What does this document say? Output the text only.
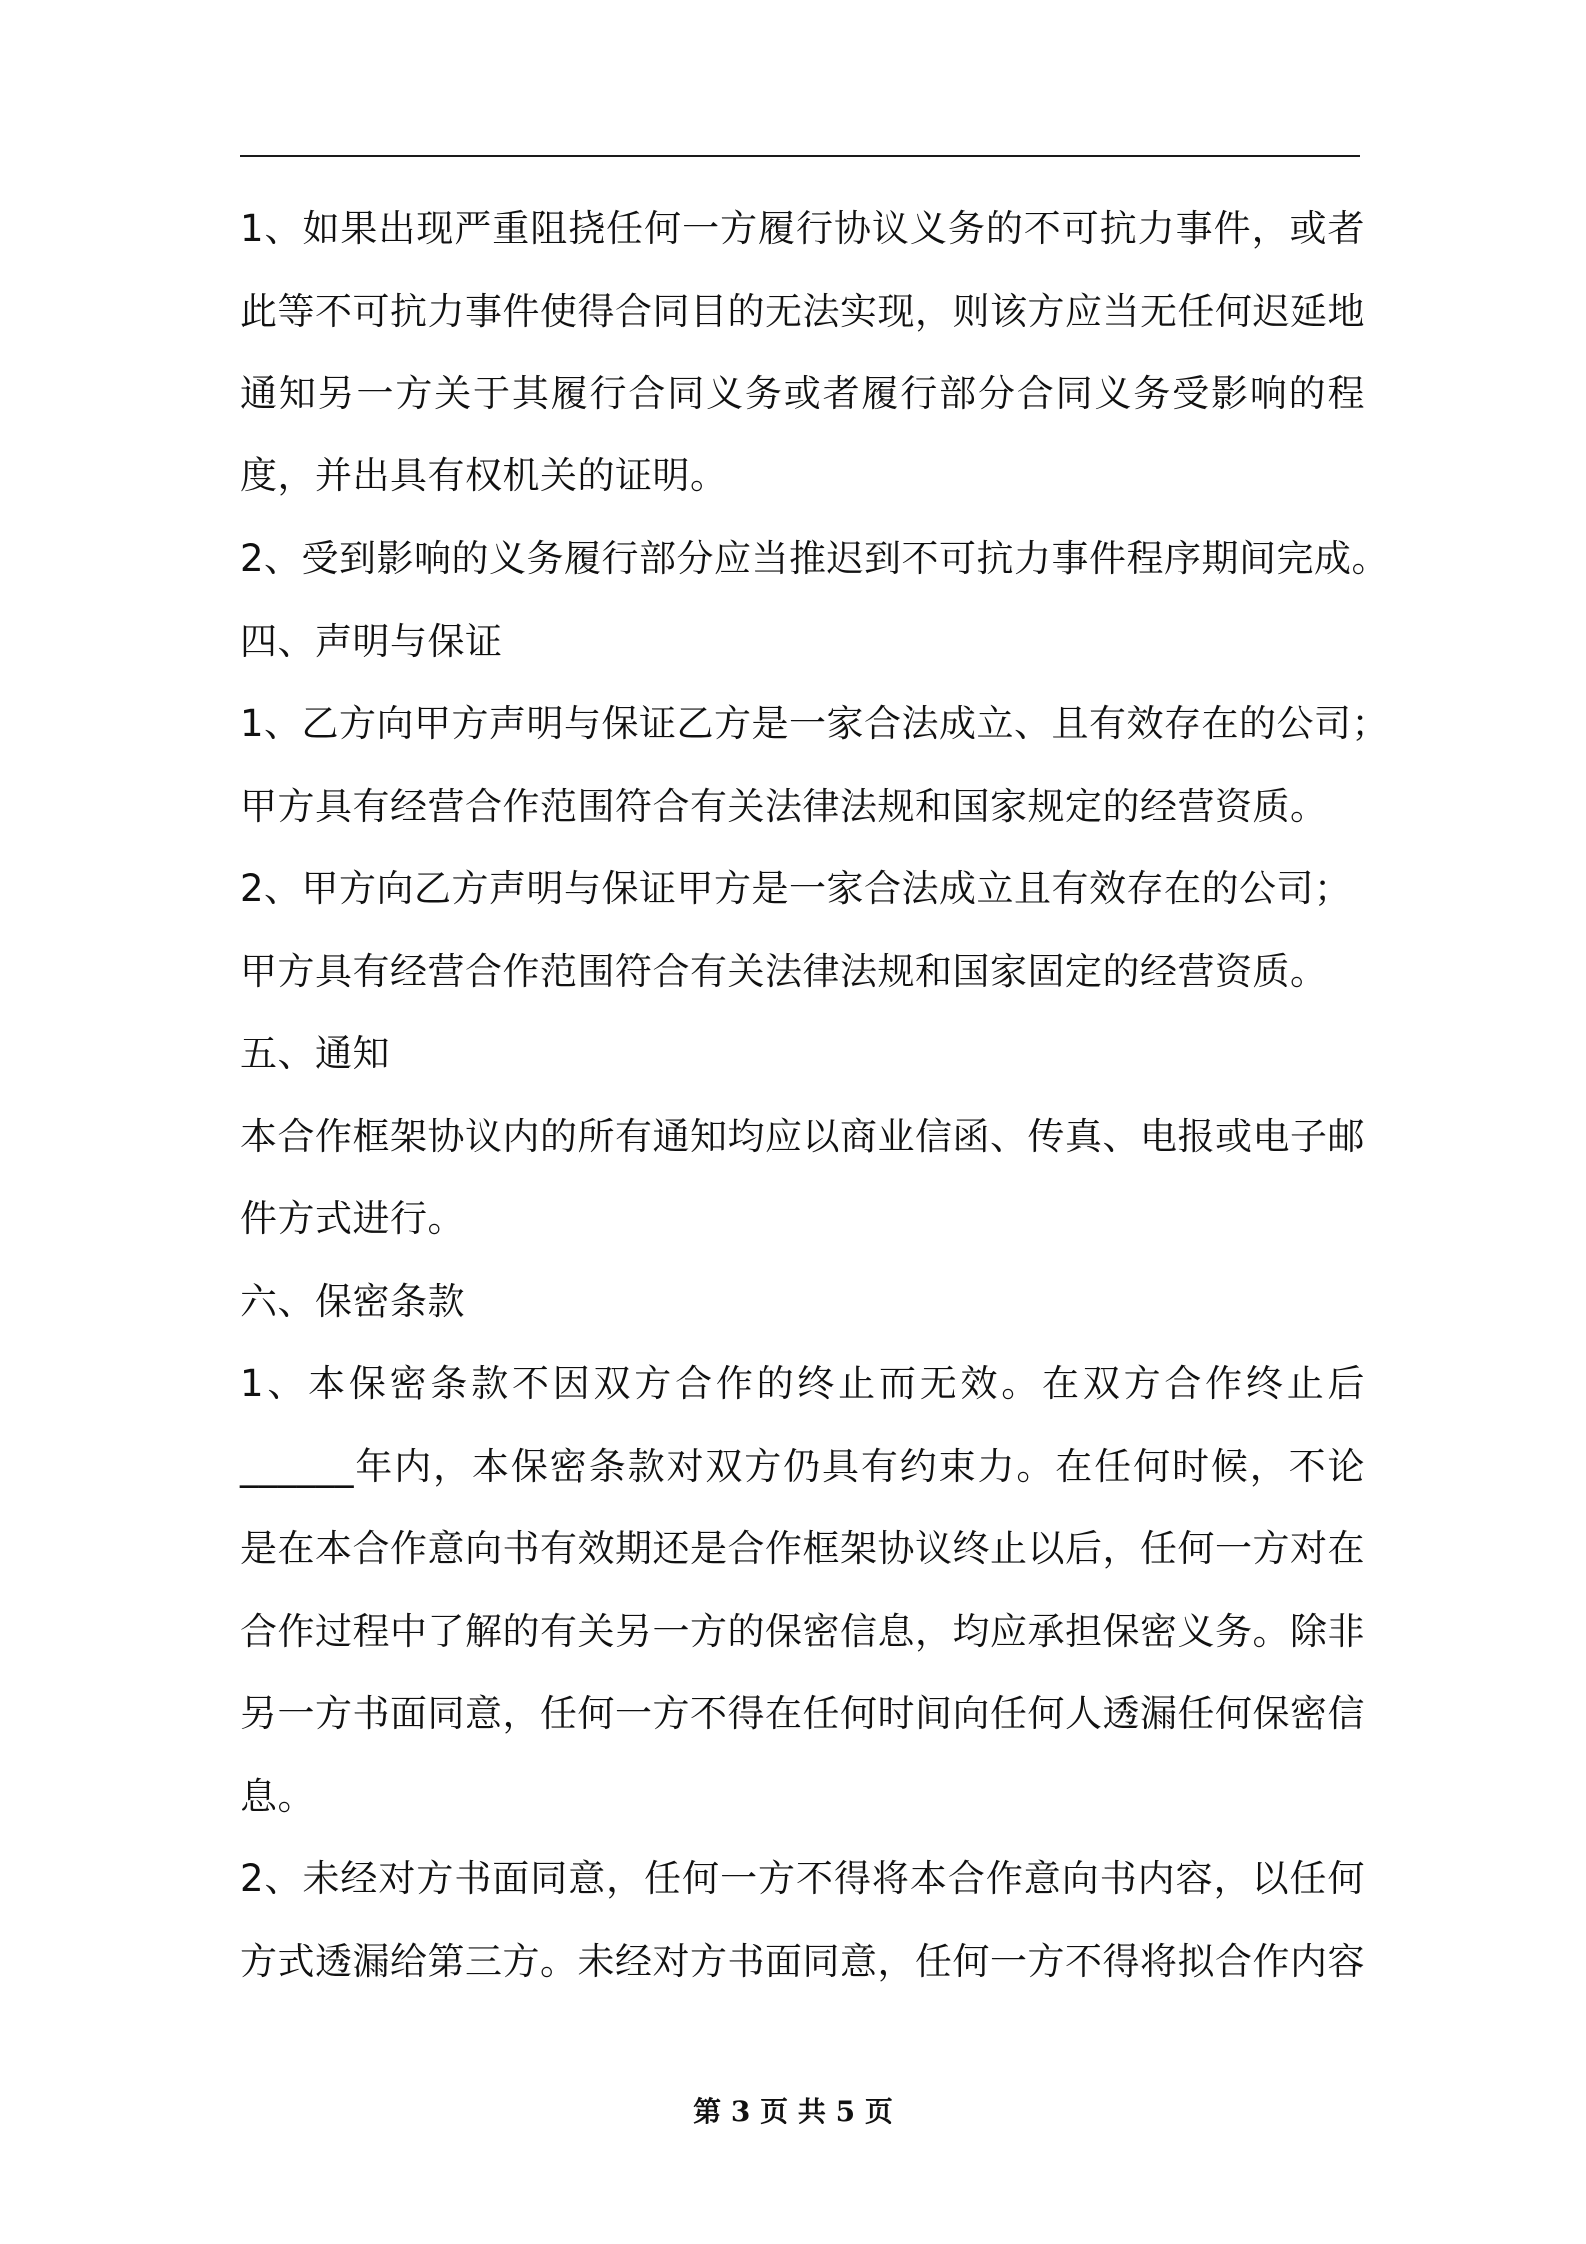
1、如果出现严重阻挠任何一方履行协议义务的不可抗力事件，或者
此等不可抗力事件使得合同目的无法实现，则该方应当无任何迟延地
通知另一方关于其履行合同义务或者履行部分合同义务受影响的程
度，并出具有权机关的证明。
2、受到影响的义务履行部分应当推迟到不可抗力事件程序期间完成。
四、声明与保证
1、乙方向甲方声明与保证乙方是一家合法成立、且有效存在的公司；
甲方具有经营合作范围符合有关法律法规和国家规定的经营资质。
2、甲方向乙方声明与保证甲方是一家合法成立且有效存在的公司；
甲方具有经营合作范围符合有关法律法规和国家固定的经营资质。
五、通知
本合作框架协议内的所有通知均应以商业信函、传真、电报或电子邮
件方式进行。
六、保密条款
1、本保密条款不因双方合作的终止而无效。在双方合作终止后
______年内，本保密条款对双方仍具有约束力。在任何时候，不论
是在本合作意向书有效期还是合作框架协议终止以后，任何一方对在
合作过程中了解的有关另一方的保密信息，均应承担保密义务。除非
另一方书面同意，任何一方不得在任何时间向任何人透漏任何保密信
息。
2、未经对方书面同意，任何一方不得将本合作意向书内容，以任何
方式透漏给第三方。未经对方书面同意，任何一方不得将拟合作内容
第 3 页 共 5 页
